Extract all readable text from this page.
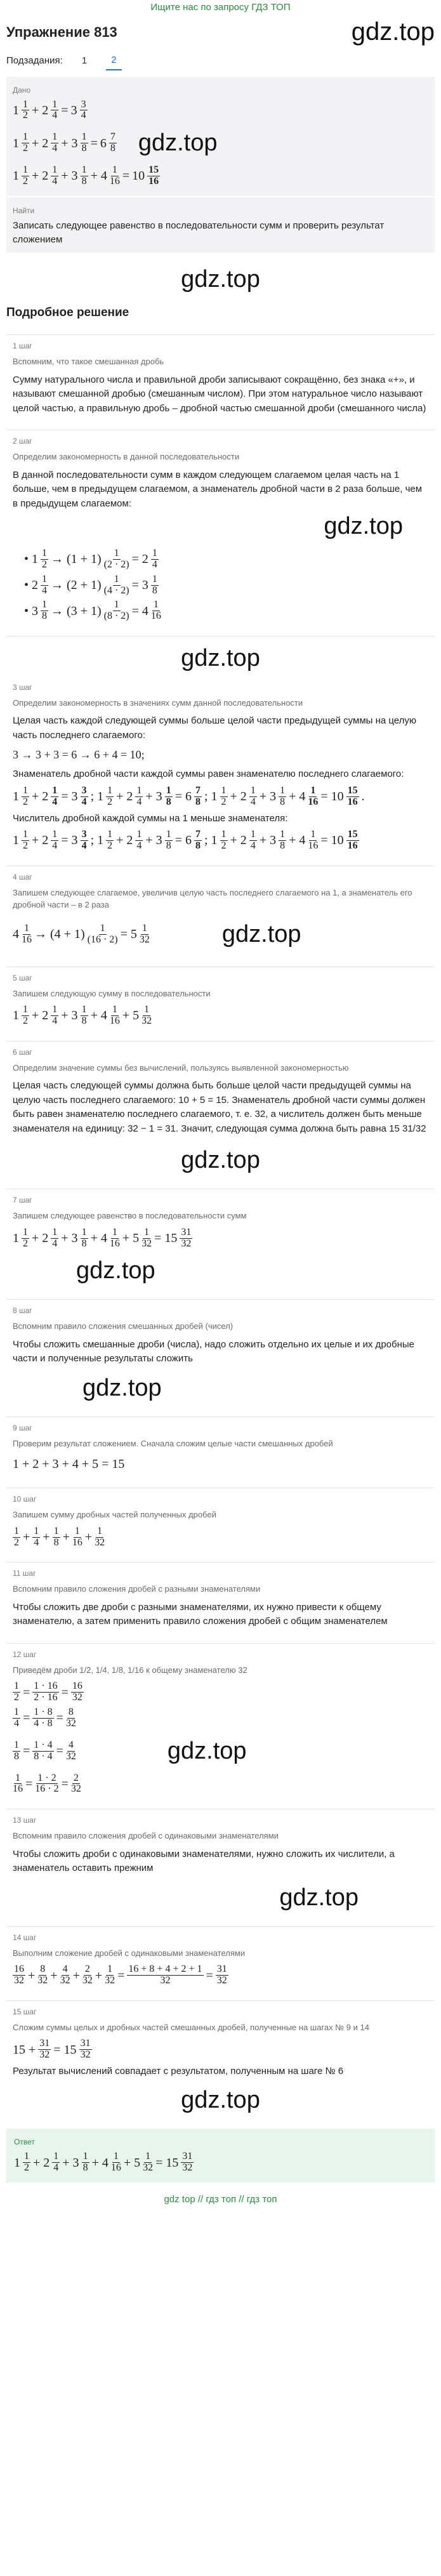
Ищите нас по запросу ГДЗ ТОП
Упражнение 813	gdz.top
Подзадания:	1	2
Дано
$1 \frac{1}{2} + 2 \frac{1}{4} = 3 \frac{3}{4}$
$1 \frac{1}{2} + 2 \frac{1}{4} + 3 \frac{1}{8} = 6 \frac{7}{8} gdz.top$
$1 \frac{1}{2} + 2 \frac{1}{4} + 3 \frac{1}{8} + 4 \frac{1}{16} = 10 \frac{15}{16}$
Найти
Записать следующее равенство в последовательности сумм и проверить результат сложением
gdz.top
Подробное решение
1 шаг
Вспомним, что такое смешанная дробь

Сумму натурального числа и правильной дроби записывают сокращённо, без знака «+», и называют смешанной дробью (смешанным числом). При этом натуральное число называют целой частью, а правильную дробь – дробной частью смешанной дроби (смешанного числа)

2 шаг
Определим закономерность в данной последовательности

В данной последовательности сумм в каждом следующем слагаемом целая часть на 1 больше, чем в предыдущем слагаемом, а знаменатель дробной части в 2 раза больше, чем в предыдущем слагаемом:

gdz.top
• $1 \frac{1}{2} \to (1 + 1) \frac{1}{(2 \cdot 2)} = 2 \frac{1}{4}$
• $2 \frac{1}{4} \to (2 + 1) \frac{1}{(4 \cdot 2)} = 3 \frac{1}{8}$
• $3 \frac{1}{8} \to (3 + 1) \frac{1}{(8 \cdot 2)} = 4 \frac{1}{16}$
gdz.top
3 шаг
Определим закономерность в значениях сумм данной последовательности

Целая часть каждой следующей суммы больше целой части предыдущей суммы на целую часть последнего слагаемого:

3 → 3 + 3 = 6 → 6 + 4 = 10;

Знаменатель дробной части каждой суммы равен знаменателю последнего слагаемого:

$1 \frac{1}{2} + 2 \frac{1}{4} = 3 \frac{3}{4}$ ; $1 \frac{1}{2} + 2 \frac{1}{4} + 3 \frac{1}{8} = 6 \frac{7}{8}$ ; $1 \frac{1}{2} + 2 \frac{1}{4} + 3 \frac{1}{8} + 4 \frac{1}{16} = 10 \frac{15}{16}$ .

Числитель дробной каждой суммы на 1 меньше знаменателя:

$1 \frac{1}{2} + 2 \frac{1}{4} = 3 \frac{3}{4}$ ; $1 \frac{1}{2} + 2 \frac{1}{4} + 3 \frac{1}{8} = 6 \frac{7}{8}$ ; $1 \frac{1}{2} + 2 \frac{1}{4} + 3 \frac{1}{8} + 4 \frac{1}{16} = 10 \frac{15}{16}$
4 шаг
Запишем следующее слагаемое, увеличив целую часть последнего слагаемого на 1, а знаменатель его дробной части – в 2 раза
$4 \frac{1}{16} \to (4 + 1) \frac{1}{(16 \cdot 2)} = 5 \frac{1}{32}$	gdz.top
5 шаг
Запишем следующую сумму в последовательности
$1 \frac{1}{2} + 2 \frac{1}{4} + 3 \frac{1}{8} + 4 \frac{1}{16} + 5 \frac{1}{32}$
6 шаг
Определим значение суммы без вычислений, пользуясь выявленной закономерностью

Целая часть следующей суммы должна быть больше целой части предыдущей суммы на целую часть последнего слагаемого: 10 + 5 = 15. Знаменатель дробной части суммы должен быть равен знаменателю последнего слагаемого, т. е. 32, а числитель должен быть меньше знаменателя на единицу: 32 − 1 = 31. Значит, следующая сумма должна быть равна 15 31/32

gdz.top
7 шаг
Запишем следующее равенство в последовательности сумм
$1 \frac{1}{2} + 2 \frac{1}{4} + 3 \frac{1}{8} + 4 \frac{1}{16} + 5 \frac{1}{32} = 15 \frac{31}{32}$
gdz.top
8 шаг
Вспомним правило сложения смешанных дробей (чисел)

Чтобы сложить смешанные дроби (числа), надо сложить отдельно их целые и их дробные части и полученные результаты сложить

gdz.top
9 шаг
Проверим результат сложением. Сначала сложим целые части смешанных дробей
1 + 2 + 3 + 4 + 5 = 15
10 шаг
Запишем сумму дробных частей полученных дробей
$\frac{1}{2} + \frac{1}{4} + \frac{1}{8} + \frac{1}{16} + \frac{1}{32}$
11 шаг
Вспомним правило сложения дробей с разными знаменателями

Чтобы сложить две дроби с разными знаменателями, их нужно привести к общему знаменателю, а затем применить правило сложения дробей с общим знаменателем

12 шаг
Приведём дроби 1/2, 1/4, 1/8, 1/16 к общему знаменателю 32
$\frac{1}{2} = \frac{1 \cdot 16}{2 \cdot 16} = \frac{16}{32}$
$\frac{1}{4} = \frac{1 \cdot 8}{4 \cdot 8} = \frac{8}{32}$
$\frac{1}{8} = \frac{1 \cdot 4}{8 \cdot 4} = \frac{4}{32}$	gdz.top
$\frac{1}{16} = \frac{1 \cdot 2}{16 \cdot 2} = \frac{2}{32}$
13 шаг
Вспомним правило сложения дробей с одинаковыми знаменателями

Чтобы сложить дроби с одинаковыми знаменателями, нужно сложить их числители, а знаменатель оставить прежним

gdz.top
14 шаг
Выполним сложение дробей с одинаковыми знаменателями
$\frac{16}{32} + \frac{8}{32} + \frac{4}{32} + \frac{2}{32} + \frac{1}{32} = \frac{16 + 8 + 4 + 2 + 1}{32} = \frac{31}{32}$
15 шаг
Сложим суммы целых и дробных частей смешанных дробей, полученные на шагах № 9 и 14
$15 + \frac{31}{32} = 15 \frac{31}{32}$

Результат вычислений совпадает с результатом, полученным на шаге № 6

gdz.top
Ответ
$1 \frac{1}{2} + 2 \frac{1}{4} + 3 \frac{1}{8} + 4 \frac{1}{16} + 5 \frac{1}{32} = 15 \frac{31}{32}$
gdz top // гдз топ // гдз топ
